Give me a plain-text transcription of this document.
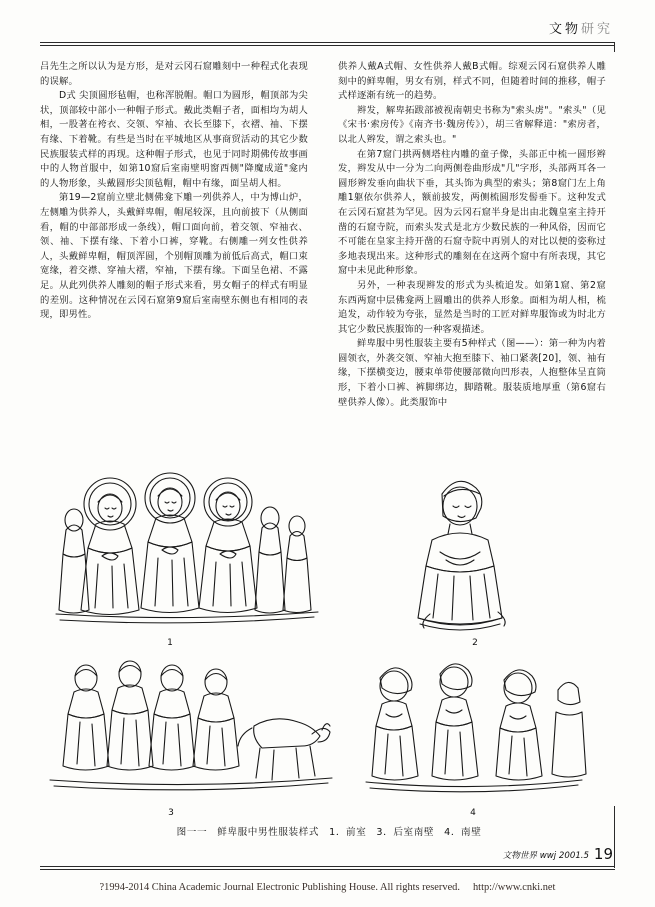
文物研究

吕先生之所以认为是方形，是对云冈石窟雕刻中一种程式化表现的误解。

D式 尖顶圆形毡帽，也称浑脱帽。帽口为圆形，帽顶部为尖状，顶部较中部小一种帽子形式。戴此类帽子者，面相均为胡人相，一股著在袴衣、交领、窄袖、衣长至膝下，衣褶、袖、下摆有缘、下着靴。有些是当时在平城地区从事商贸活动的其它少数民族服装式样的再现。这种帽子形式，也见于同时期佛传故事画中的人物首服中，如第10窟后室南壁明窗西侧"降魔成道"龛内的人物形象，头戴圆形尖顶毡帽，帽中有缘，面呈胡人相。

第19—2窟前立壁北侧佛龛下雕一列供养人，中为博山炉，左侧雕为供养人，头戴鲜卑帽，帽尾较深，且向前披下（从侧面看，帽的中部部形成一条线），帽口面向前，着交领、窄袖衣、领、袖、下摆有缘、下着小口裤，穿靴。右侧雕一列女性供养人，头戴鲜卑帽，帽顶浑圆，个别帽顶雕为前低后高式，帽口束宽缘，着交襟、穿袖大褶，窄袖，下摆有缘。下面呈色裙、不露足。从此列供养人雕刻的帽子形式来看，男女帽子的样式有明显的差别。这种情况在云冈石窟第9窟后室南壁东侧也有相同的表现，即男性。

供养人戴A式帽、女性供养人戴B式帽。综观云冈石窟供养人雕刻中的鲜卑帽，男女有别，样式不同，但随着时间的推移，帽子式样逐渐有统一的趋势。

辫发，解卑拓跋部被视南朝史书称为"索头虏"。"索头"（见《宋书·索房传》《南齐书·魏房传》），胡三省解释道："索房者，以北人辫发，谓之索头也。"

在第7窟门拱两侧塔柱内雕的童子像，头部正中梳一圆形辫发，辫发从中一分为二向两侧卷曲形成"几"字形，头部两耳各一圆形辫发垂向曲状下垂，其头饰为典型的索头；第8窟门左上角雕1躯依尔供养人，额前披发，两侧梳圆形发髻垂下。这种发式在云冈石窟甚为罕见。因为云冈石窟半身是出由北魏皇室主持开凿的石窟寺院，而索头发式是北方少数民族的一种风俗，因而它不可能在皇家主持开凿的石窟寺院中再别人的对比以便的姿称过多地表现出来。这种形式的雕刻在在这两个窟中有所表现，其它窟中未见此种形象。

另外，一种表现辫发的形式为头梳追发。如第1窟、第2窟东西两窟中层佛龛两上圆雕出的供养人形象。面相为胡人相，梳追发，动作较为夸张，显然是当时的工匠对鲜卑服饰或为时北方其它少数民族服饰的一种客观描述。

鲜卑服中男性服装主要有5种样式（图——）：第一种为内着圆领衣，外袭交领、窄袖大抱至膝下、袖口紧袭[20]，领、袖有缘，下摆横变边，腰束单带使腰部微向凹形表，人抱整体呈直筒形，下着小口裤、裤脚绑边，脚踏靴。服装质地厚重（第6窟右壁供养人像）。此类服饰中

1	2
3	4
图一一 鲜卑服中男性服装样式 1．前室 3．后室南壁 4．南壁
文物世界 wwj 2001.5 19
?1994-2014 China Academic Journal Electronic Publishing House. All rights reserved. http://www.cnki.net
